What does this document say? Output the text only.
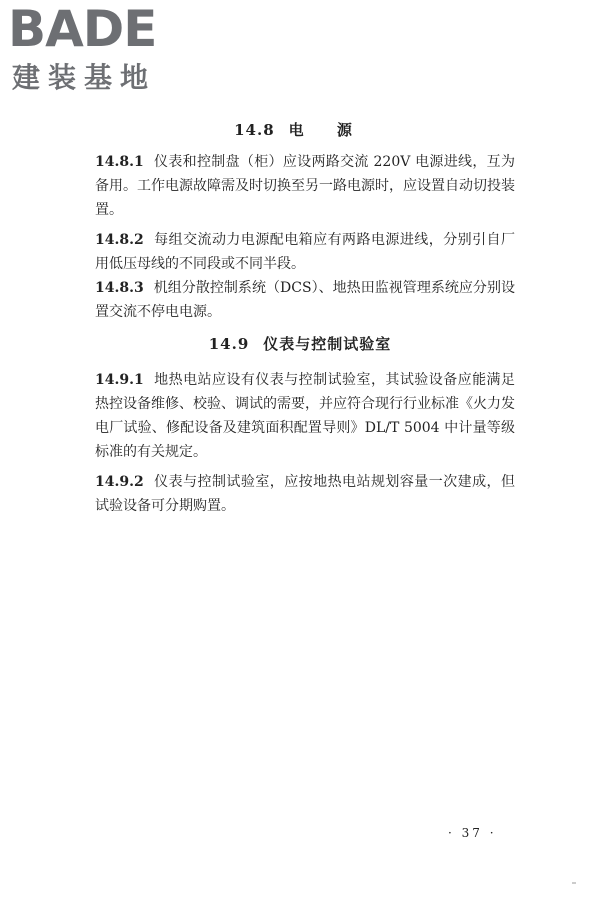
BADE
建装基地
14.8 电 源
14.8.1 仪表和控制盘（柜）应设两路交流 220V 电源进线，互为备用。工作电源故障需及时切换至另一路电源时，应设置自动切投装置。
14.8.2 每组交流动力电源配电箱应有两路电源进线，分别引自厂用低压母线的不同段或不同半段。
14.8.3 机组分散控制系统（DCS）、地热田监视管理系统应分别设置交流不停电电源。
14.9 仪表与控制试验室
14.9.1 地热电站应设有仪表与控制试验室，其试验设备应能满足热控设备维修、校验、调试的需要，并应符合现行行业标准《火力发电厂试验、修配设备及建筑面积配置导则》DL/T 5004 中计量等级标准的有关规定。
14.9.2 仪表与控制试验室，应按地热电站规划容量一次建成，但试验设备可分期购置。
· 37 ·
